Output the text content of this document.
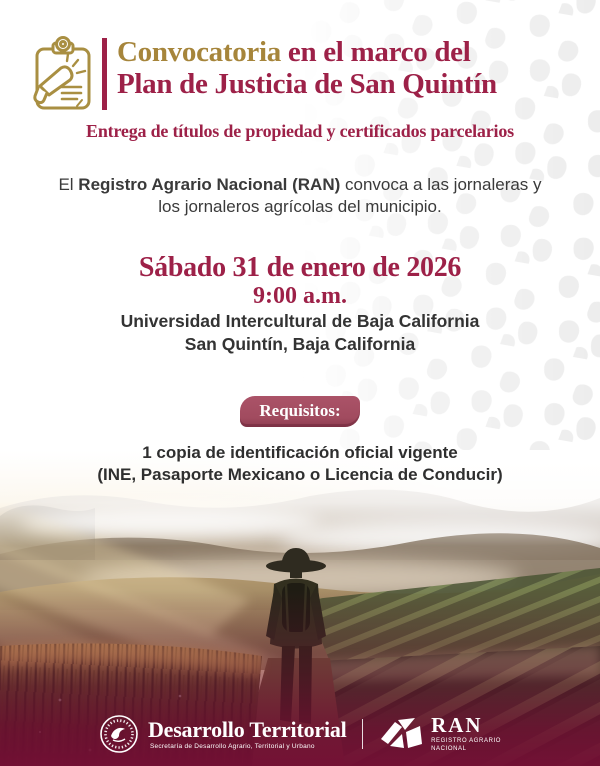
Convocatoria en el marco del
Plan de Justicia de San Quintín
Entrega de títulos de propiedad y certificados parcelarios

El Registro Agrario Nacional (RAN) convoca a las jornaleras y
los jornaleros agrícolas del municipio.

Sábado 31 de enero de 2026
9:00 a.m.
Universidad Intercultural de Baja California
San Quintín, Baja California
Requisitos:
1 copia de identificación oficial vigente
(INE, Pasaporte Mexicano o Licencia de Conducir)
Desarrollo Territorial
Secretaría de Desarrollo Agrario, Territorial y Urbano
RAN
REGISTRO AGRARIO
NACIONAL
